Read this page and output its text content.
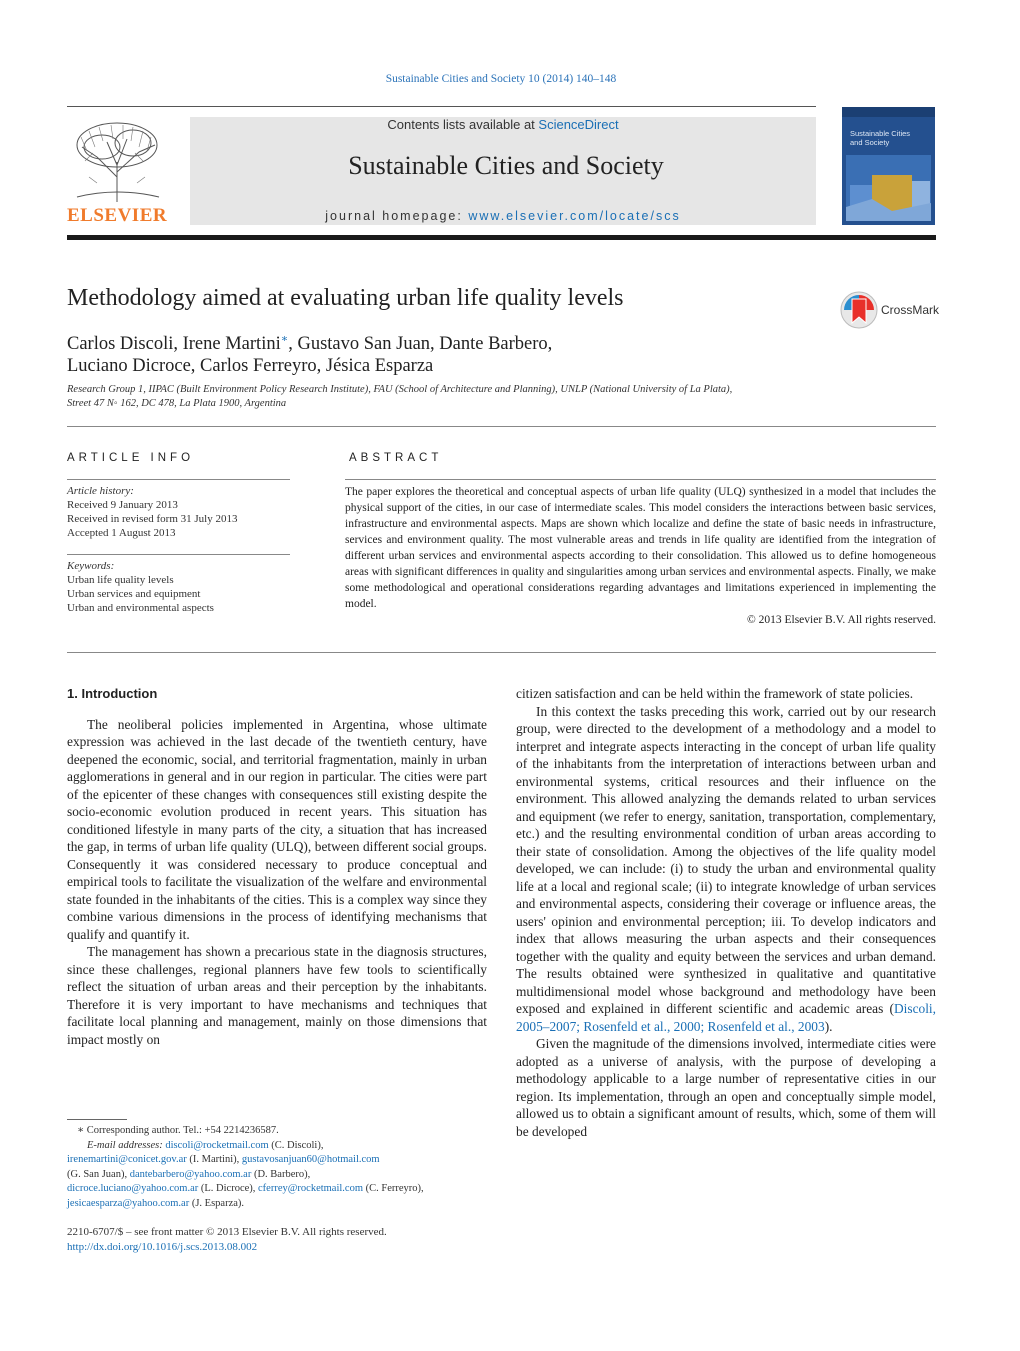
Sustainable Cities and Society 10 (2014) 140–148
ELSEVIER
Contents lists available at ScienceDirect
Sustainable Cities and Society
journal homepage: www.elsevier.com/locate/scs
Sustainable Cities
and Society
Methodology aimed at evaluating urban life quality levels	CrossMark
Carlos Discoli, Irene Martini∗, Gustavo San Juan, Dante Barbero,
Luciano Dicroce, Carlos Ferreyro, Jésica Esparza
Research Group 1, IIPAC (Built Environment Policy Research Institute), FAU (School of Architecture and Planning), UNLP (National University of La Plata),
Street 47 N◦ 162, DC 478, La Plata 1900, Argentina
ARTICLE INFO	ABSTRACT
Article history:
Received 9 January 2013
Received in revised form 31 July 2013
Accepted 1 August 2013
Keywords:
Urban life quality levels
Urban services and equipment
Urban and environmental aspects

The paper explores the theoretical and conceptual aspects of urban life quality (ULQ) synthesized in a model that includes the physical support of the cities, in our case of intermediate scales. This model considers the interactions between basic services, infrastructure and environmental aspects. Maps are shown which localize and define the state of basic needs in infrastructure, services and environment quality. The most vulnerable areas and trends in life quality are identified from the integration of different urban services and environmental aspects according to their consolidation. This allowed us to define homogeneous areas with significant differences in quality and singularities among urban services and environmental aspects. Finally, we make some methodological and operational considerations regarding advantages and limitations experienced in implementing the model.

© 2013 Elsevier B.V. All rights reserved.

1. Introduction

The neoliberal policies implemented in Argentina, whose ultimate expression was achieved in the last decade of the twentieth century, have deepened the economic, social, and territorial fragmentation, mainly in urban agglomerations in general and in our region in particular. The cities were part of the epicenter of these changes with consequences still existing despite the socio-economic evolution produced in recent years. This situation has conditioned lifestyle in many parts of the city, a situation that has increased the gap, in terms of urban life quality (ULQ), between different social groups. Consequently it was considered necessary to produce conceptual and empirical tools to facilitate the visualization of the welfare and environmental state founded in the inhabitants of the cities. This is a complex way since they combine various dimensions in the process of identifying mechanisms that qualify and quantify it.

The management has shown a precarious state in the diagnosis structures, since these challenges, regional planners have few tools to scientifically reflect the situation of urban areas and their perception by the inhabitants. Therefore it is very important to have mechanisms and techniques that facilitate local planning and management, mainly on those dimensions that impact mostly on

citizen satisfaction and can be held within the framework of state policies.

In this context the tasks preceding this work, carried out by our research group, were directed to the development of a methodology and a model to interpret and integrate aspects interacting in the concept of urban life quality of the inhabitants from the interpretation of interactions between urban and environmental systems, critical resources and their influence on the environment. This allowed analyzing the demands related to urban services and equipment (we refer to energy, sanitation, transportation, complementary, etc.) and the resulting environmental condition of urban areas according to their state of consolidation. Among the objectives of the life quality model developed, we can include: (i) to study the urban and environmental quality life at a local and regional scale; (ii) to integrate knowledge of urban services and environmental aspects, considering their coverage or influence areas, the users' opinion and environmental perception; iii. To develop indicators and index that allows measuring the urban aspects and their consequences together with the quality and equity between the services and urban demand. The results obtained were synthesized in qualitative and quantitative multidimensional model whose background and methodology have been exposed and explained in different scientific and academic areas (Discoli, 2005–2007; Rosenfeld et al., 2000; Rosenfeld et al., 2003).

Given the magnitude of the dimensions involved, intermediate cities were adopted as a universe of analysis, with the purpose of developing a methodology applicable to a large number of representative cities in our region. Its implementation, through an open and conceptually simple model, allowed us to obtain a significant amount of results, which, some of them will be developed

∗ Corresponding author. Tel.: +54 2214236587.

E-mail addresses: discoli@rocketmail.com (C. Discoli),

irenemartini@conicet.gov.ar (I. Martini), gustavosanjuan60@hotmail.com

(G. San Juan), dantebarbero@yahoo.com.ar (D. Barbero),

dicroce.luciano@yahoo.com.ar (L. Dicroce), cferrey@rocketmail.com (C. Ferreyro),

jesicaesparza@yahoo.com.ar (J. Esparza).

2210-6707/$ – see front matter © 2013 Elsevier B.V. All rights reserved.
http://dx.doi.org/10.1016/j.scs.2013.08.002
